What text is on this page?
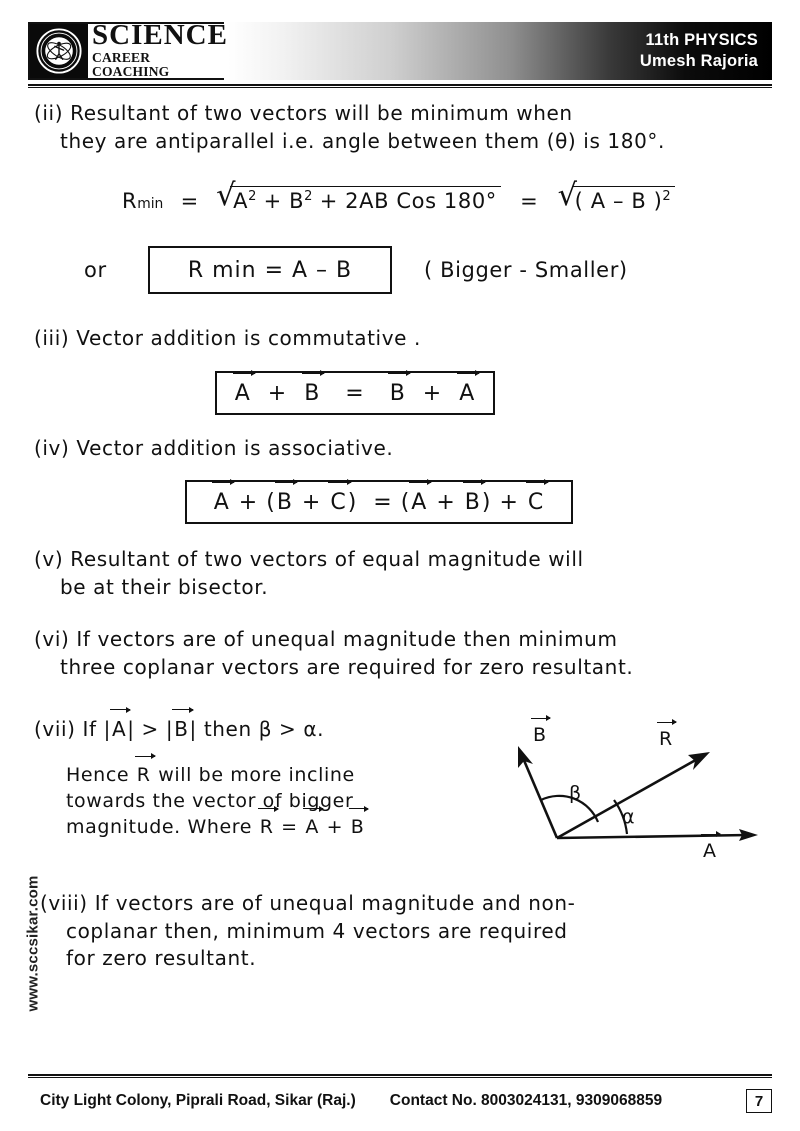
SCIENCE
CAREER COACHING
11th PHYSICS
Umesh Rajoria
(ii) Resultant of two vectors will be minimum when
they are antiparallel i.e. angle between them (θ) is 180°.
Rmin = √
$A^2 + B^2 + 2AB$ Cos 180° = √
( A – B )$^2$
or	R min = A – B	( Bigger - Smaller)
(iii) Vector addition is commutative .
A  +  B   =   B  +  A
(iv) Vector addition is associative.
A + (B + C)  = (A + B) + C
(v) Resultant of two vectors of equal magnitude will
be at their bisector.
(vi) If vectors are of unequal magnitude then minimum
three coplanar vectors are required for zero resultant.
(vii) If |A| > |B| then β > α.
Hence R will be more incline
towards the vector of bigger
magnitude. Where R = A + B
B	R
A
β
α
(viii) If vectors are of unequal magnitude and non-
coplanar then, minimum 4 vectors are required
for zero resultant.
www.sccsikar.com
City Light Colony, Piprali Road, Sikar (Raj.) Contact No. 8003024131, 9309068859	7
